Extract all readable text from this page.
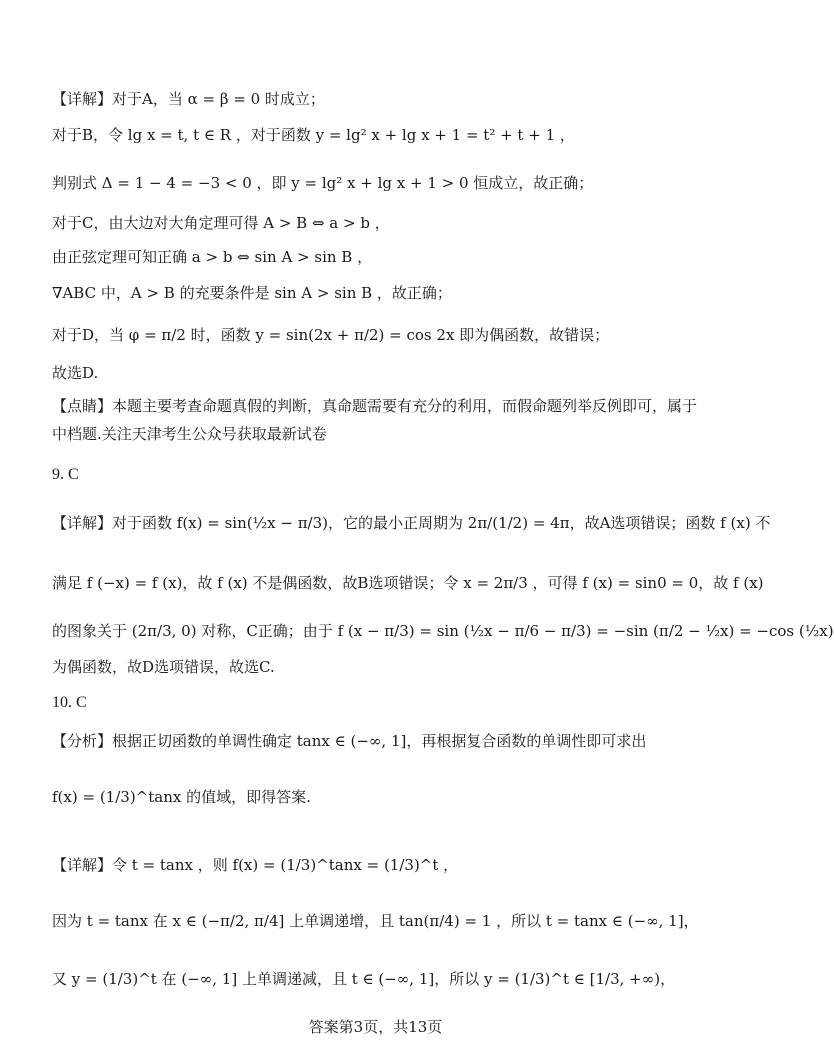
【详解】对于A，当 α = β = 0 时成立；
对于B，令 lg x = t, t ∈ R ，对于函数 y = lg² x + lg x + 1 = t² + t + 1 ，
判别式 Δ = 1 − 4 = −3 < 0 ，即 y = lg² x + lg x + 1 > 0 恒成立，故正确；
对于C，由大边对大角定理可得 A > B ⇔ a > b ，
由正弦定理可知正确 a > b ⇔ sin A > sin B ，
∇ABC 中，A > B 的充要条件是 sin A > sin B ，故正确；
对于D，当 φ = π/2 时，函数 y = sin(2x + π/2) = cos 2x 即为偶函数，故错误；
故选D.
【点睛】本题主要考查命题真假的判断，真命题需要有充分的利用，而假命题列举反例即可，属于中档题.关注天津考生公众号获取最新试卷
9. C
【详解】对于函数 f(x) = sin(½x − π/3)，它的最小正周期为 2π/(1/2) = 4π，故A选项错误；函数 f (x) 不
满足 f (−x) = f (x)，故 f (x) 不是偶函数，故B选项错误；令 x = 2π/3 ，可得 f (x) = sin0 = 0，故 f (x)
的图象关于 (2π/3, 0) 对称，C正确；由于 f (x − π/3) = sin (½x − π/6 − π/3) = −sin (π/2 − ½x) = −cos (½x)
为偶函数，故D选项错误，故选C.
10. C
【分析】根据正切函数的单调性确定 tanx ∈ (−∞, 1]，再根据复合函数的单调性即可求出
f(x) = (1/3)^tanx 的值域，即得答案.
【详解】令 t = tanx ，则 f(x) = (1/3)^tanx = (1/3)^t ，
因为 t = tanx 在 x ∈ (−π/2, π/4] 上单调递增，且 tan(π/4) = 1 ，所以 t = tanx ∈ (−∞, 1]，
又 y = (1/3)^t 在 (−∞, 1] 上单调递减，且 t ∈ (−∞, 1]，所以 y = (1/3)^t ∈ [1/3, +∞)，
答案第3页，共13页
